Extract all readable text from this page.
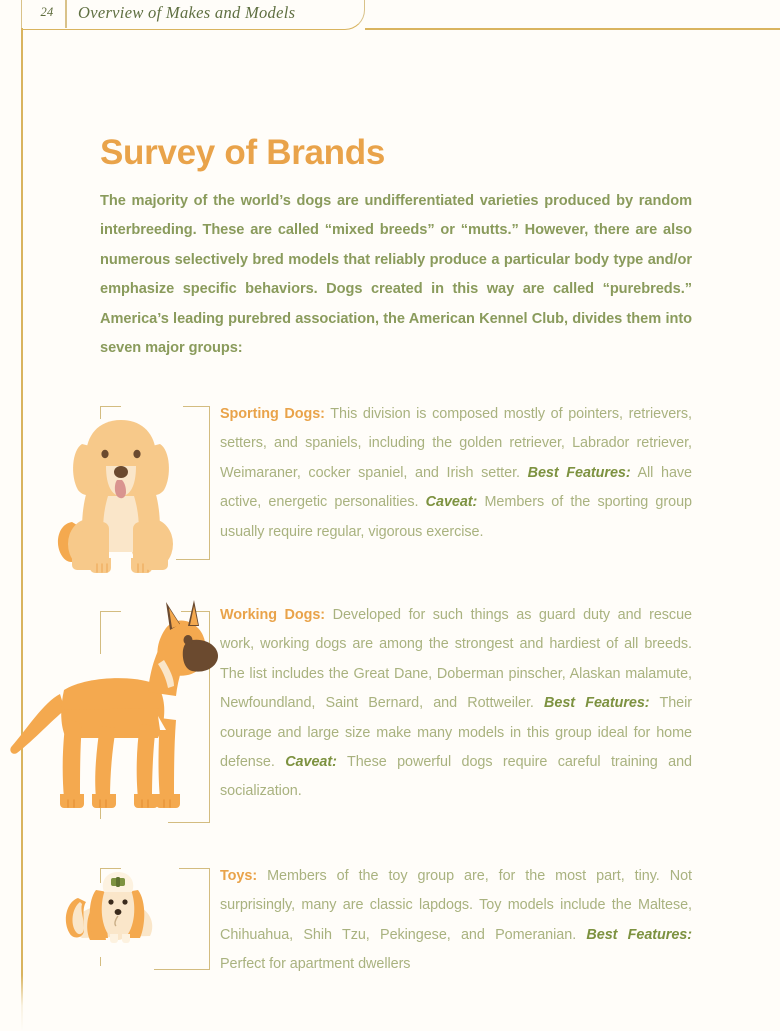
24	Overview of Makes and Models
Survey of Brands

The majority of the world’s dogs are undifferentiated varieties produced by random interbreeding. These are called “mixed breeds” or “mutts.” However, there are also numerous selectively bred models that reliably produce a particular body type and/or emphasize specific behaviors. Dogs created in this way are called “purebreds.” America’s leading purebred association, the American Kennel Club, divides them into seven major groups:

Sporting Dogs: This division is composed mostly of pointers, retrievers, setters, and spaniels, including the golden retriever, Labrador retriever, Weimaraner, cocker spaniel, and Irish setter. Best Features: All have active, energetic personalities. Caveat: Members of the sporting group usually require regular, vigorous exercise.
Working Dogs: Developed for such things as guard duty and rescue work, working dogs are among the strongest and hardiest of all breeds. The list includes the Great Dane, Doberman pinscher, Alaskan malamute, Newfoundland, Saint Bernard, and Rottweiler. Best Features: Their courage and large size make many models in this group ideal for home defense. Caveat: These powerful dogs require careful training and socialization.
Toys: Members of the toy group are, for the most part, tiny. Not surprisingly, many are classic lapdogs. Toy models include the Maltese, Chihuahua, Shih Tzu, Pekingese, and Pomeranian. Best Features: Perfect for apartment dwellers
